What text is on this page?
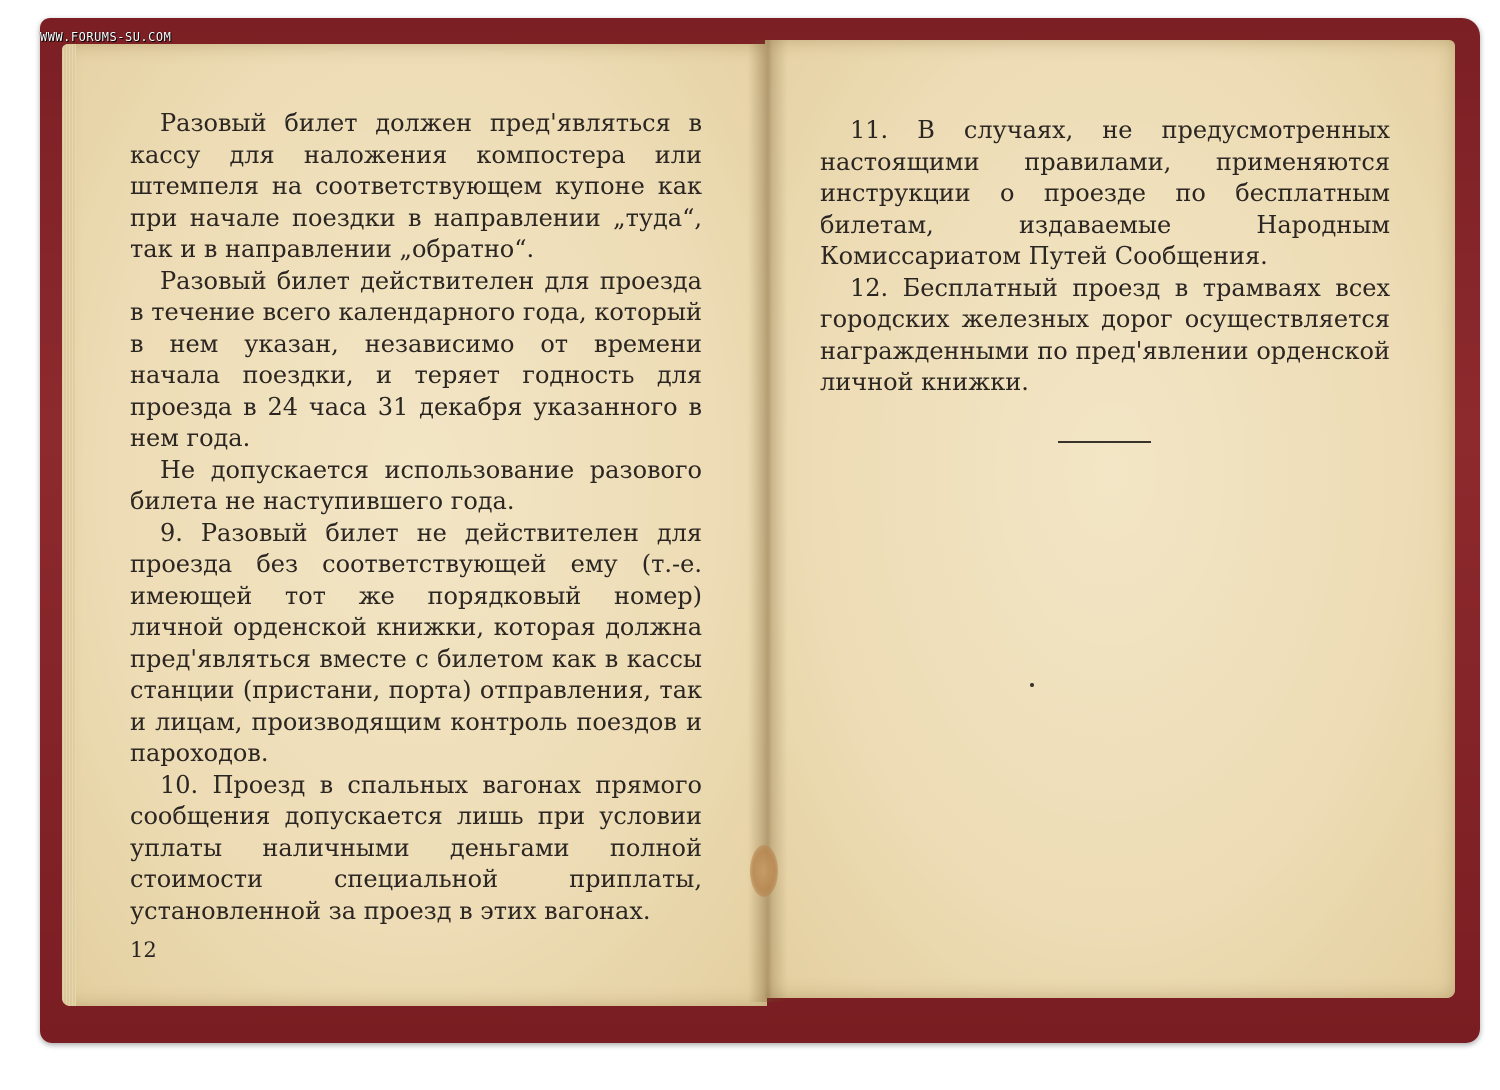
WWW.FORUMS-SU.COM

Разовый билет должен пред'являться в кассу для наложения компостера или штемпеля на соответствующем купоне как при начале поездки в направлении „туда“, так и в направлении „обратно“.

Разовый билет действителен для проезда в течение всего календарного года, который в нем указан, независимо от времени начала поездки, и теряет годность для проезда в 24 часа 31 декабря указанного в нем года.

Не допускается использование разового билета не наступившего года.

9. Разовый билет не действителен для проезда без соответствующей ему (т.-е. имеющей тот же порядковый номер) личной орденской книжки, которая должна пред'являться вместе с билетом как в кассы станции (пристани, порта) отправления, так и лицам, производящим контроль поездов и пароходов.

10. Проезд в спальных вагонах прямого сообщения допускается лишь при условии уплаты наличными деньгами полной стоимости специальной приплаты, установленной за проезд в этих вагонах.

12

11. В случаях, не предусмотренных настоящими правилами, применяются инструкции о проезде по бесплатным билетам, издаваемые Народным Комиссариатом Путей Сообщения.

12. Бесплатный проезд в трамваях всех городских железных дорог осуществляется награжденными по пред'явлении орденской личной книжки.
